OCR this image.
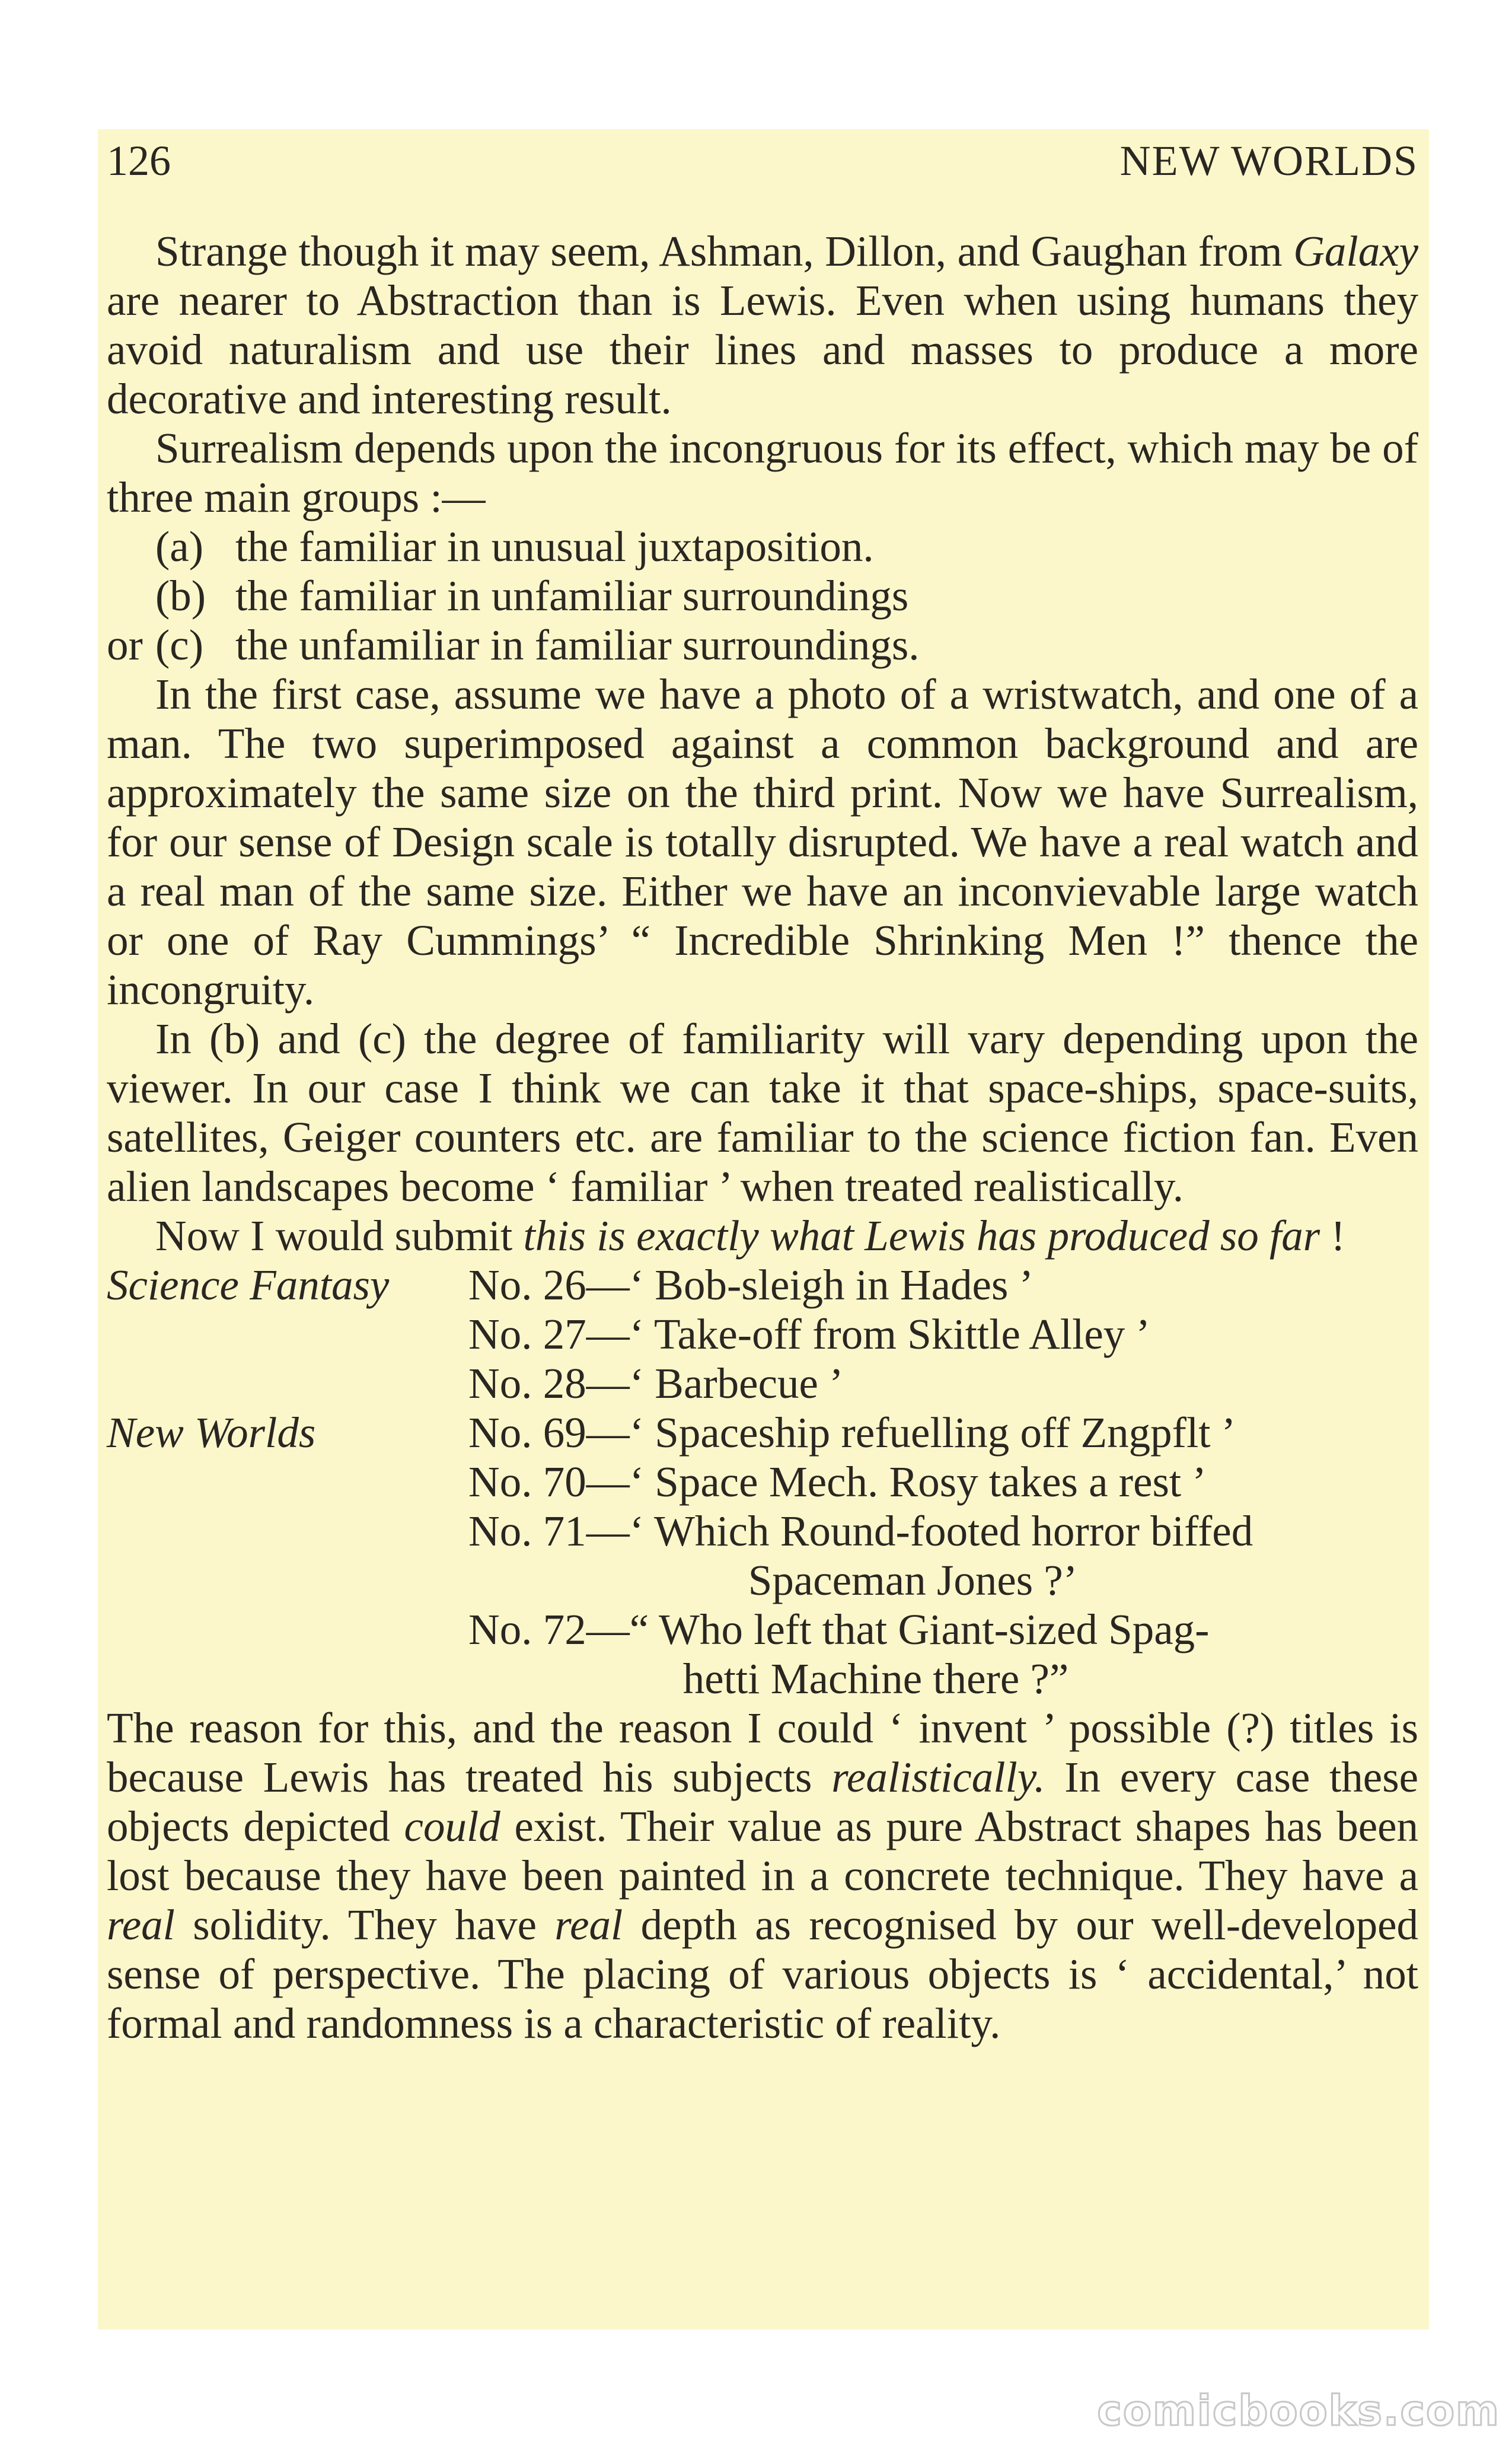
126	NEW WORLDS

Strange though it may seem, Ashman, Dillon, and Gaughan from Galaxy are nearer to Abstraction than is Lewis. Even when using humans they avoid naturalism and use their lines and masses to produce a more decorative and interesting result.

Surrealism depends upon the incongruous for its effect, which may be of three main groups :—

(a) the familiar in unusual juxtaposition.
(b) the familiar in unfamiliar surroundings
or (c) the unfamiliar in familiar surroundings.

In the first case, assume we have a photo of a wristwatch, and one of a man. The two superimposed against a common background and are approximately the same size on the third print. Now we have Surrealism, for our sense of Design scale is totally disrupted. We have a real watch and a real man of the same size. Either we have an inconvievable large watch or one of Ray Cummings’ “ Incredible Shrinking Men !” thence the incongruity.

In (b) and (c) the degree of familiarity will vary depending upon the viewer. In our case I think we can take it that space-ships, space-suits, satellites, Geiger counters etc. are familiar to the science fiction fan. Even alien landscapes become ‘ familiar ’ when treated realistically.

Now I would submit this is exactly what Lewis has produced so far !

Science Fantasy	No. 26— ‘ Bob-sleigh in Hades ’
No. 27— ‘ Take-off from Skittle Alley ’
No. 28— ‘ Barbecue ’
New Worlds	No. 69— ‘ Spaceship refuelling off Zngpflt ’
No. 70— ‘ Space Mech. Rosy takes a rest ’
No. 71— ‘ Which Round-footed horror biffed
Spaceman Jones ?’
No. 72— “ Who left that Giant-sized Spag-
hetti Machine there ?”

The reason for this, and the reason I could ‘ invent ’ possible (?) titles is because Lewis has treated his subjects realistically. In every case these objects depicted could exist. Their value as pure Abstract shapes has been lost because they have been painted in a concrete technique. They have a real solidity. They have real depth as recognised by our well-developed sense of perspective. The placing of various objects is ‘ accidental,’ not formal and randomness is a characteristic of reality.

comicbooks.com
